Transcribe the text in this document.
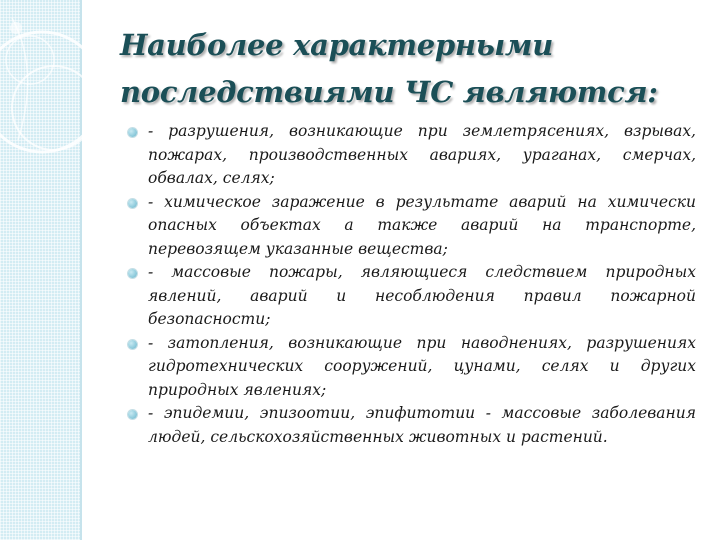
Наиболее характерными
последствиями ЧС являются:
- разрушения, возникающие при землетрясениях, взрывах, пожарах, производственных авариях, ураганах, смерчах, обвалах, селях;
- химическое заражение в результате аварий на химически опасных объектах а также аварий на транспорте, перевозящем указанные вещества;
- массовые пожары, являющиеся следствием природных явлений, аварий и несоблюдения правил пожарной безопасности;
- затопления, возникающие при наводнениях, разрушениях гидротехнических сооружений, цунами, селях и других природных явлениях;
- эпидемии, эпизоотии, эпифитотии - массовые заболевания людей, сельскохозяйственных животных и растений.
